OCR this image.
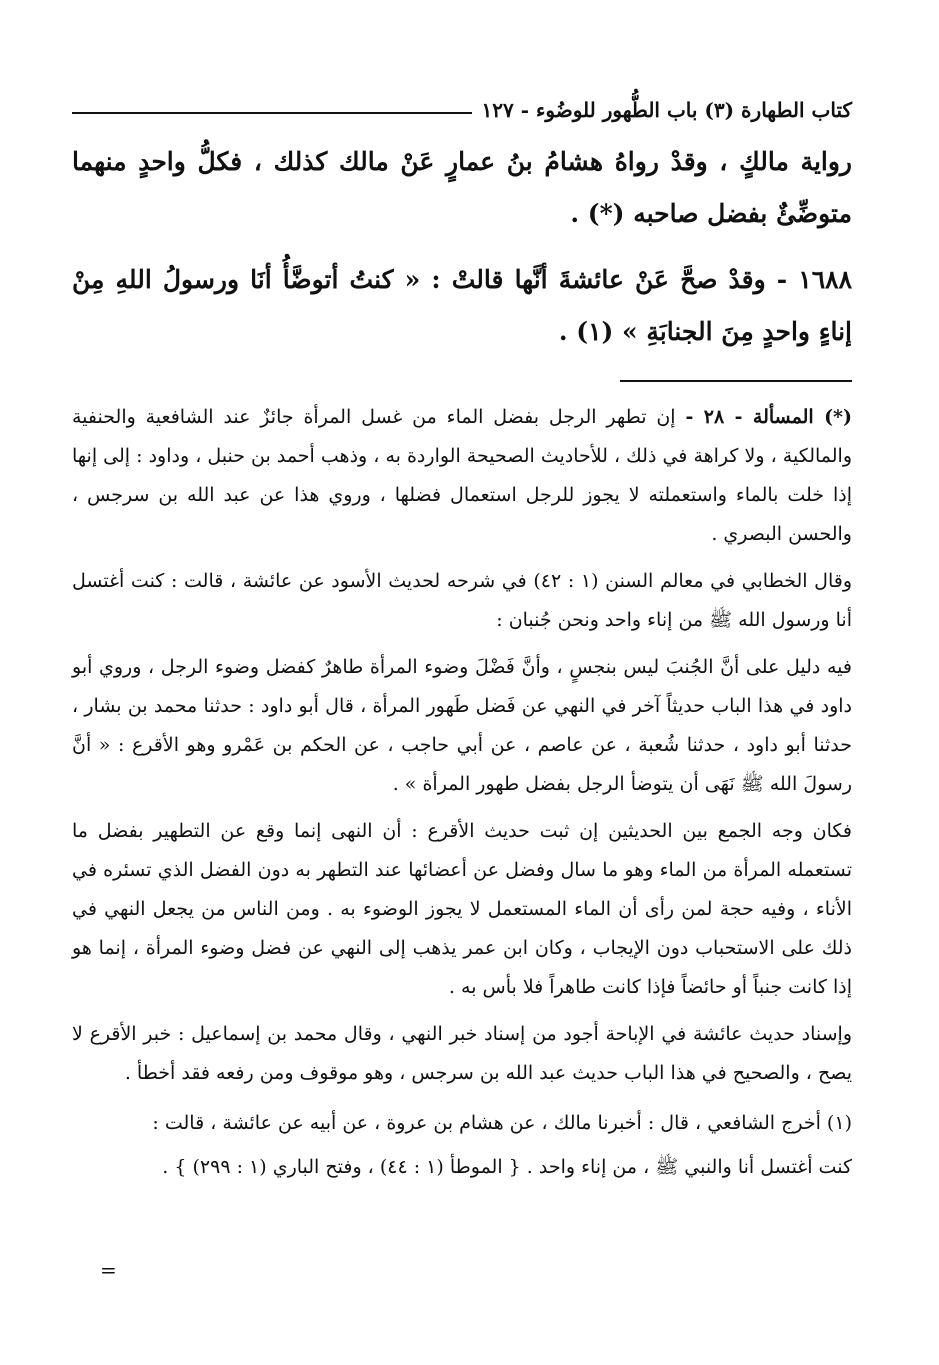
كتاب الطهارة (٣) باب الطُّهور للوضُوء - ١٢٧

رواية مالكٍ ، وقدْ رواهُ هشامُ بنُ عمارٍ عَنْ مالك كذلك ، فكلُّ واحدٍ منهما متوضِّئٌ بفضل صاحبه (*) .

١٦٨٨ - وقدْ صحَّ عَنْ عائشةَ أنَّها قالتْ : « كنتُ أتوضَّأُ أنَا ورسولُ اللهِ مِنْ إناءٍ واحدٍ مِنَ الجنابَةِ » (١) .

(*) المسألة - ٢٨ - إن تطهر الرجل بفضل الماء من غسل المرأة جائزٌ عند الشافعية والحنفية والمالكية ، ولا كراهة في ذلك ، للأحاديث الصحيحة الواردة به ، وذهب أحمد بن حنبل ، وداود : إلى إنها إذا خلت بالماء واستعملته لا يجوز للرجل استعمال فضلها ، وروي هذا عن عبد الله بن سرجس ، والحسن البصري .

وقال الخطابي في معالم السنن (١ : ٤٢) في شرحه لحديث الأسود عن عائشة ، قالت : كنت أغتسل أنا ورسول الله ﷺ من إناء واحد ونحن جُنبان :

فيه دليل على أنَّ الجُنبَ ليس بنجسٍ ، وأنَّ فَضْلَ وضوء المرأة طاهرٌ كفضل وضوء الرجل ، وروي أبو داود في هذا الباب حديثاً آخر في النهي عن فَضل طَهور المرأة ، قال أبو داود : حدثنا محمد بن بشار ، حدثنا أبو داود ، حدثنا شُعبة ، عن عاصم ، عن أبي حاجب ، عن الحكم بن عَمْرو وهو الأقرع : « أنَّ رسولَ الله ﷺ نَهَى أن يتوضأ الرجل بفضل طهور المرأة » .

فكان وجه الجمع بين الحديثين إن ثبت حديث الأقرع : أن النهى إنما وقع عن التطهير بفضل ما تستعمله المرأة من الماء وهو ما سال وفضل عن أعضائها عند التطهر به دون الفضل الذي تسئره في الأناء ، وفيه حجة لمن رأى أن الماء المستعمل لا يجوز الوضوء به . ومن الناس من يجعل النهي في ذلك على الاستحباب دون الإيجاب ، وكان ابن عمر يذهب إلى النهي عن فضل وضوء المرأة ، إنما هو إذا كانت جنباً أو حائضاً فإذا كانت طاهراً فلا بأس به .

وإسناد حديث عائشة في الإباحة أجود من إسناد خبر النهي ، وقال محمد بن إسماعيل : خبر الأقرع لا يصح ، والصحيح في هذا الباب حديث عبد الله بن سرجس ، وهو موقوف ومن رفعه فقد أخطأ .

(١) أخرج الشافعي ، قال : أخبرنا مالك ، عن هشام بن عروة ، عن أبيه عن عائشة ، قالت :

كنت أغتسل أنا والنبي ﷺ ، من إناء واحد . { الموطأ (١ : ٤٤) ، وفتح الباري (١ : ٢٩٩) } .

=
